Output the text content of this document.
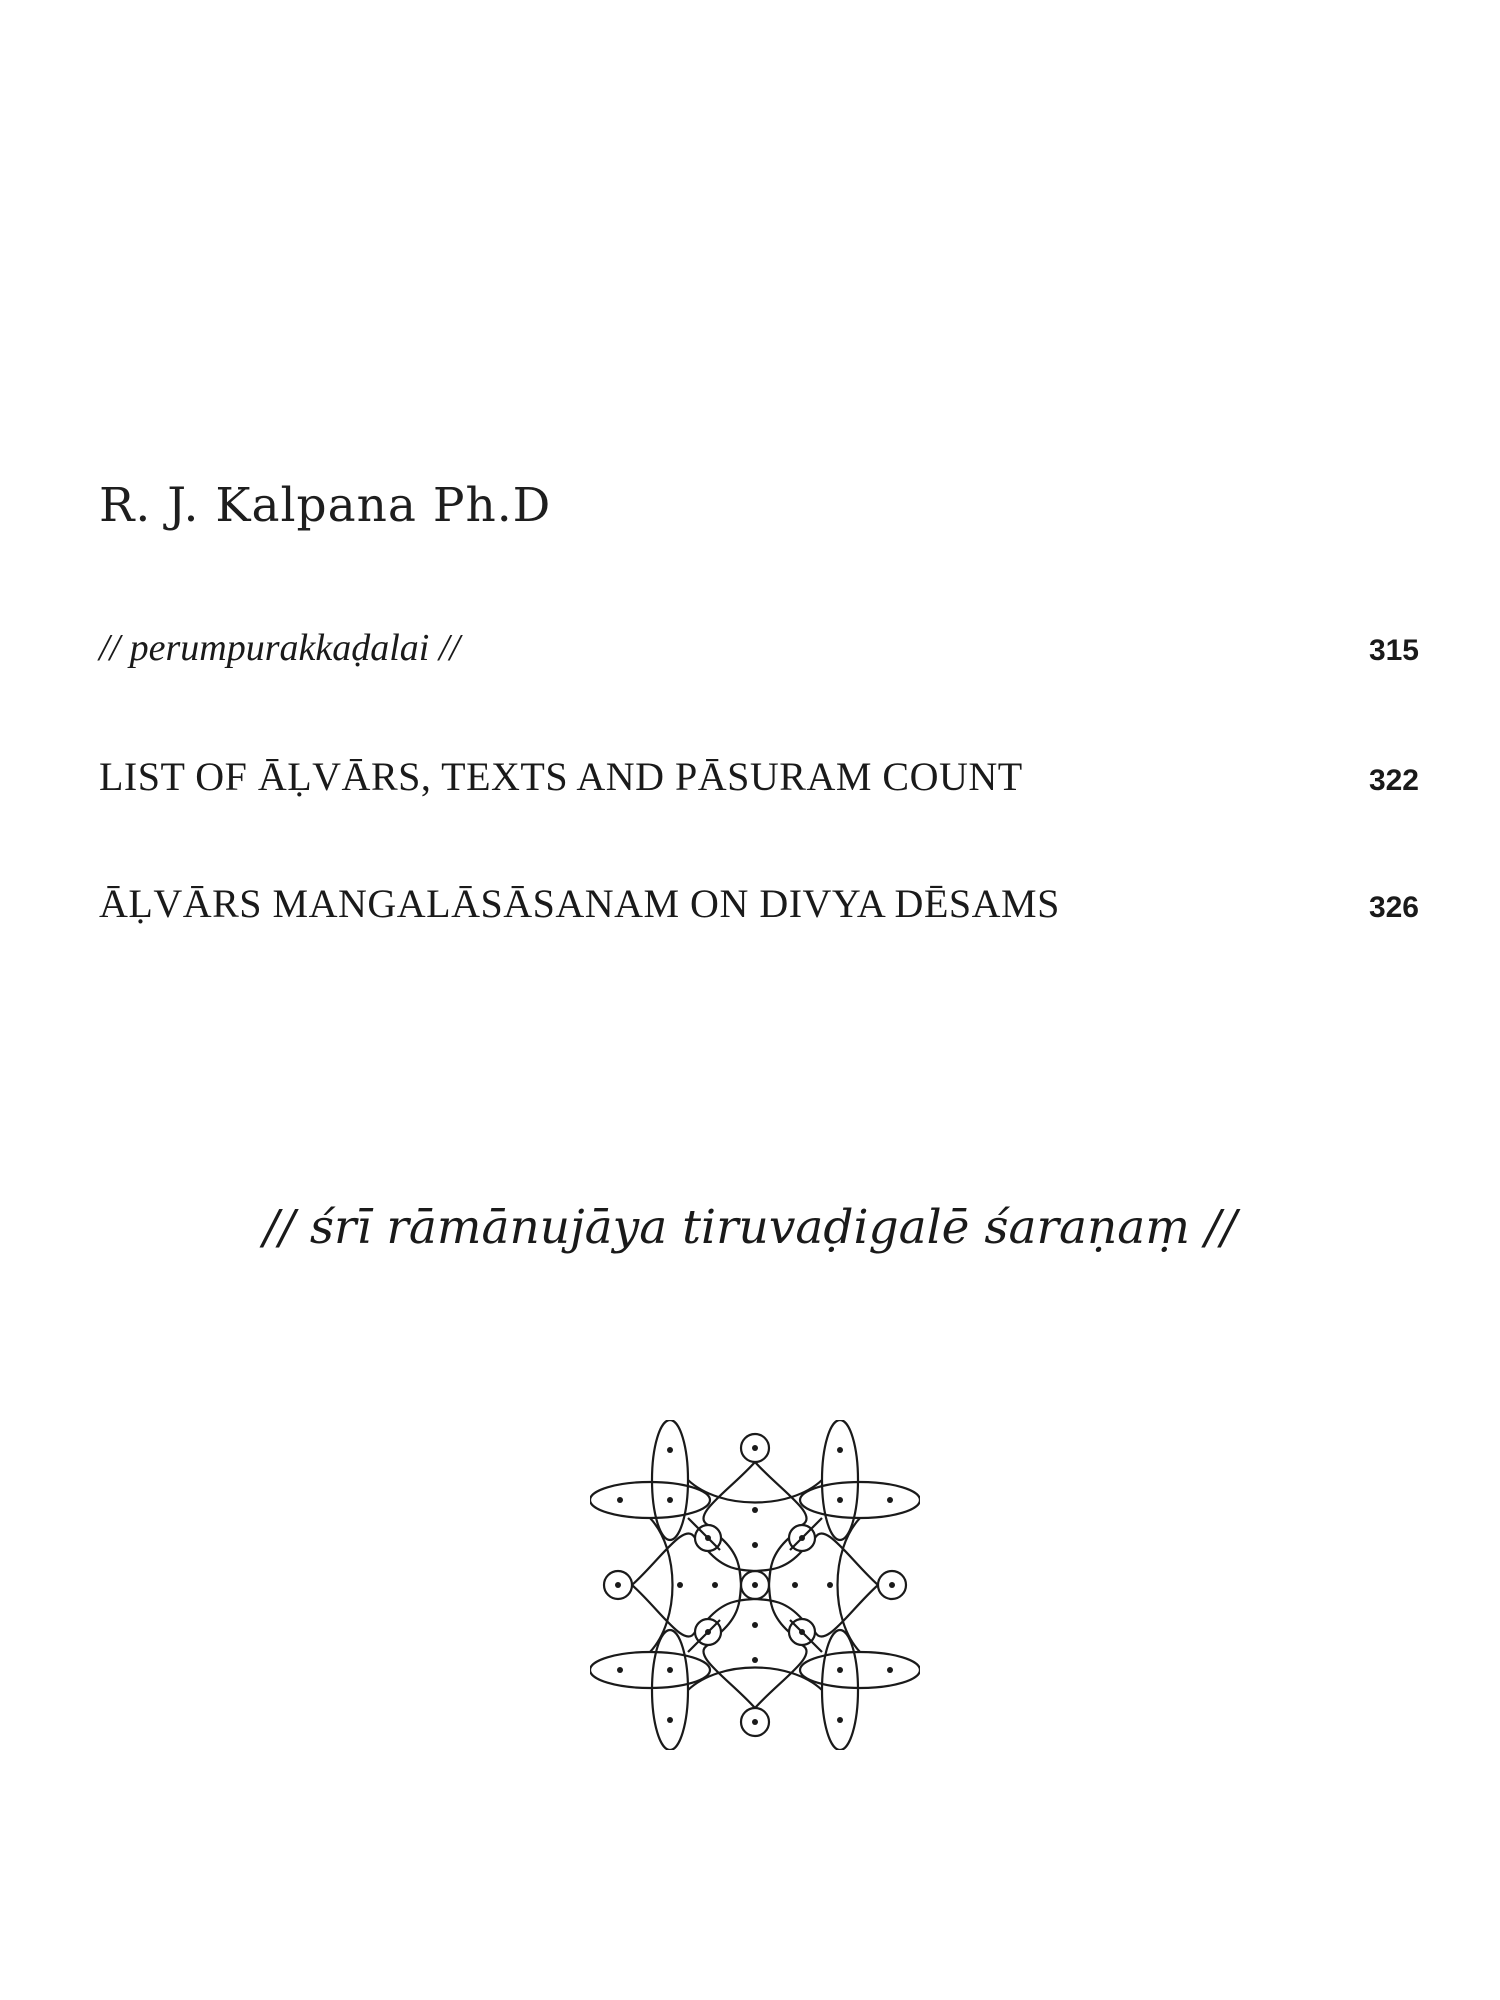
R. J. Kalpana Ph.D
// perumpurakkaḍalai //	315
LIST OF ĀḶVĀRS, TEXTS AND PĀSURAM COUNT	322
ĀḶVĀRS MANGALĀSĀSANAM ON DIVYA DĒSAMS	326
// śrī rāmānujāya tiruvaḍigalē śaraṇaṃ //
